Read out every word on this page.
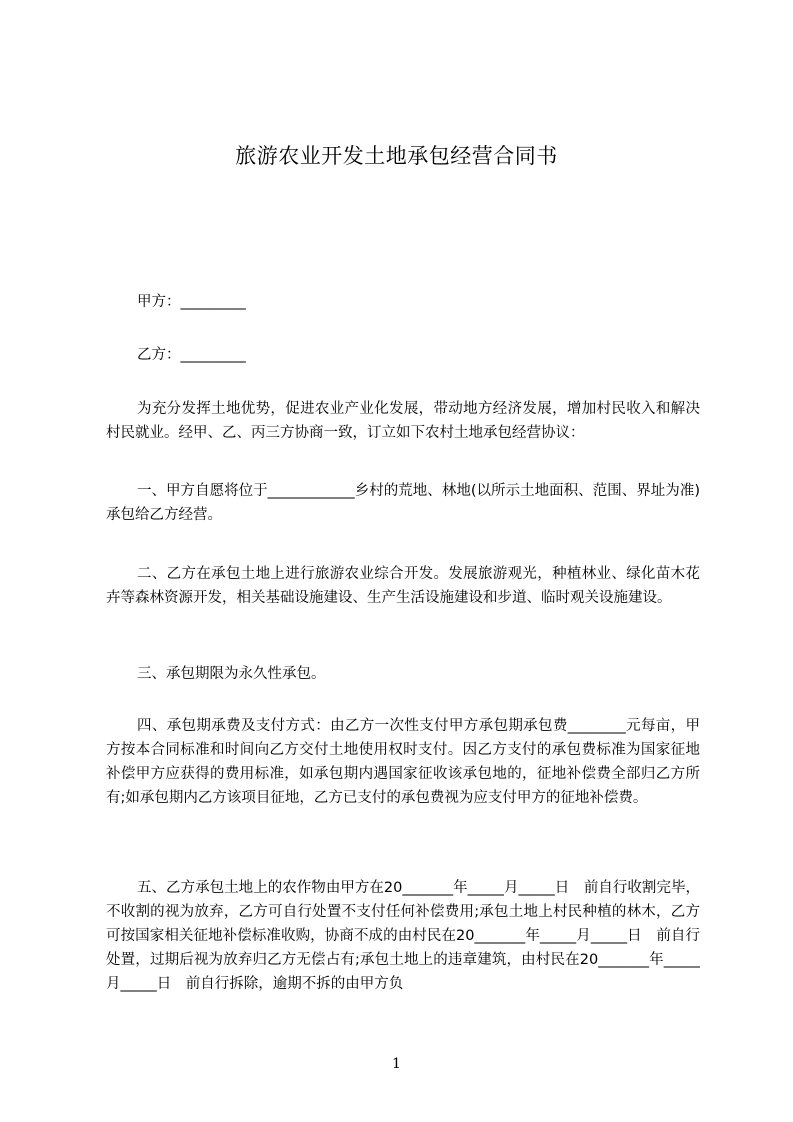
旅游农业开发土地承包经营合同书
甲方：_________
乙方：_________
为充分发挥土地优势，促进农业产业化发展，带动地方经济发展，增加村民收入和解决村民就业。经甲、乙、丙三方协商一致，订立如下农村土地承包经营协议：
一、甲方自愿将位于____________乡村的荒地、林地(以所示土地面积、范围、界址为准)承包给乙方经营。
二、乙方在承包土地上进行旅游农业综合开发。发展旅游观光，种植林业、绿化苗木花卉等森林资源开发，相关基础设施建设、生产生活设施建设和步道、临时观关设施建设。
三、承包期限为永久性承包。
四、承包期承费及支付方式：由乙方一次性支付甲方承包期承包费________元每亩，甲方按本合同标准和时间向乙方交付土地使用权时支付。因乙方支付的承包费标准为国家征地补偿甲方应获得的费用标准，如承包期内遇国家征收该承包地的，征地补偿费全部归乙方所有;如承包期内乙方该项目征地，乙方已支付的承包费视为应支付甲方的征地补偿费。
五、乙方承包土地上的农作物由甲方在20_______年_____月_____日　前自行收割完毕，不收割的视为放弃，乙方可自行处置不支付任何补偿费用;承包土地上村民种植的林木，乙方可按国家相关征地补偿标准收购，协商不成的由村民在20_______年_____月_____日　前自行处置，过期后视为放弃归乙方无偿占有;承包土地上的违章建筑，由村民在20_______年_____月_____日　前自行拆除，逾期不拆的由甲方负
1
